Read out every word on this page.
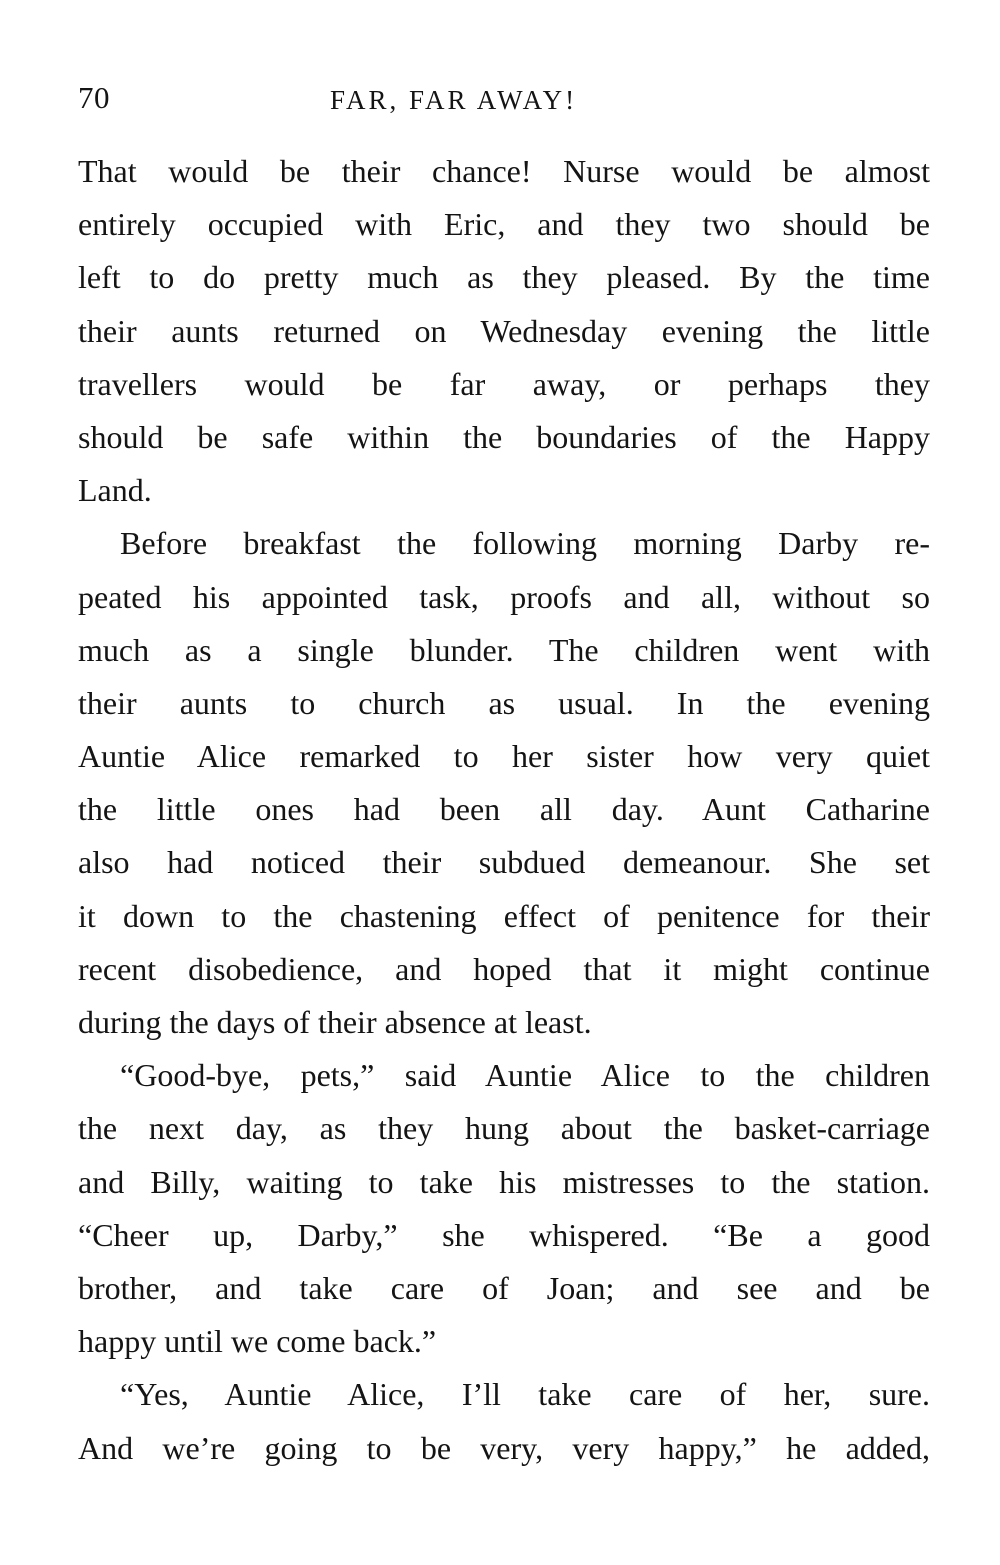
70	FAR, FAR AWAY!

That would be their chance! Nurse would be almost
entirely occupied with Eric, and they two should be
left to do pretty much as they pleased. By the time
their aunts returned on Wednesday evening the little
travellers would be far away, or perhaps they
should be safe within the boundaries of the Happy
Land.

Before breakfast the following morning Darby re-
peated his appointed task, proofs and all, without so
much as a single blunder. The children went with
their aunts to church as usual. In the evening
Auntie Alice remarked to her sister how very quiet
the little ones had been all day. Aunt Catharine
also had noticed their subdued demeanour. She set
it down to the chastening effect of penitence for their
recent disobedience, and hoped that it might continue
during the days of their absence at least.

“Good-bye, pets,” said Auntie Alice to the children
the next day, as they hung about the basket-carriage
and Billy, waiting to take his mistresses to the station.
“Cheer up, Darby,” she whispered. “Be a good
brother, and take care of Joan; and see and be
happy until we come back.”

“Yes, Auntie Alice, I’ll take care of her, sure.
And we’re going to be very, very happy,” he added,
